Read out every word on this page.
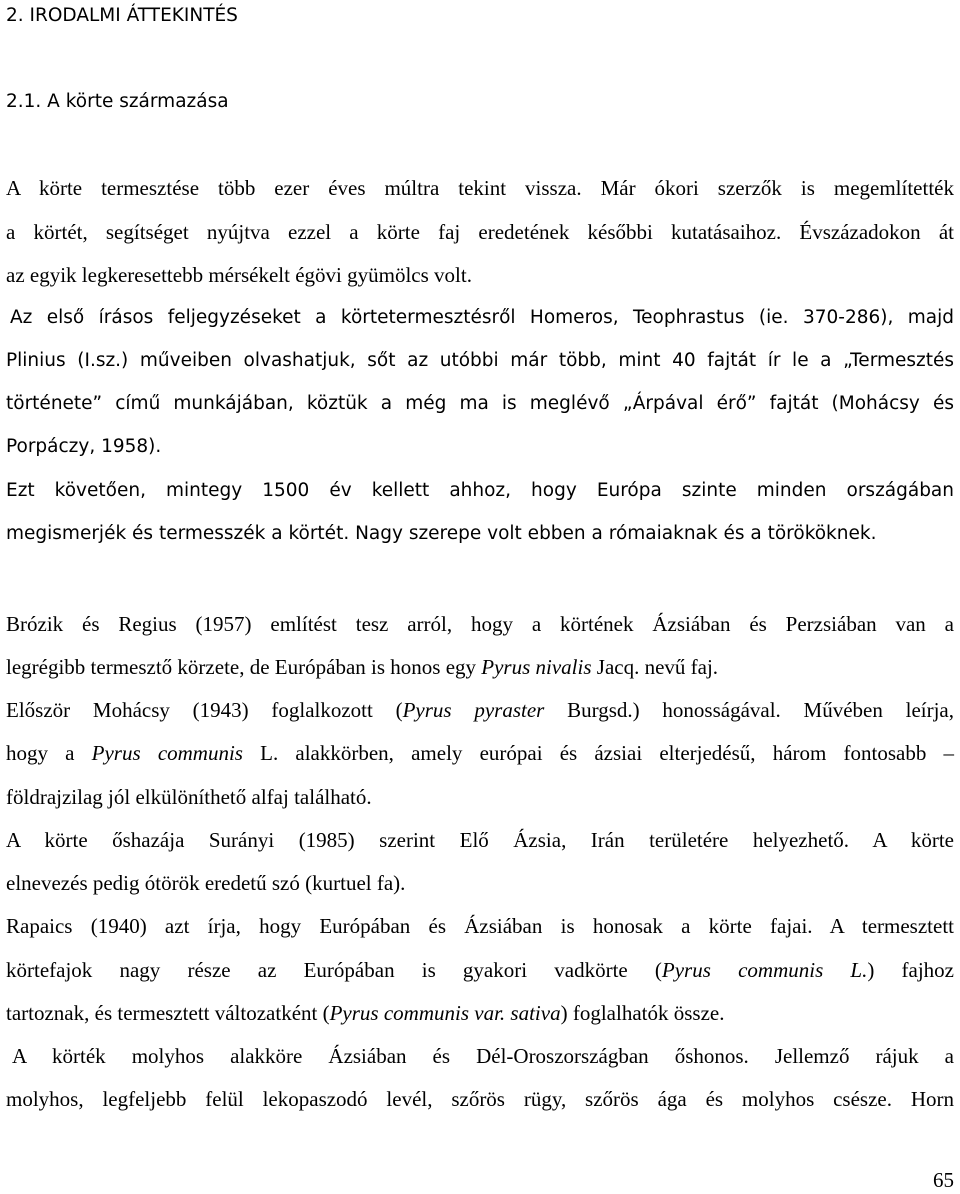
2. IRODALMI ÁTTEKINTÉS
2.1. A körte származása
A körte termesztése több ezer éves múltra tekint vissza. Már ókori szerzők is megemlítették
a körtét, segítséget nyújtva ezzel a körte faj eredetének későbbi kutatásaihoz. Évszázadokon át
az egyik legkeresettebb mérsékelt égövi gyümölcs volt.
Az első írásos feljegyzéseket a körtetermesztésről Homeros, Teophrastus (ie. 370-286), majd
Plinius (I.sz.) műveiben olvashatjuk, sőt az utóbbi már több, mint 40 fajtát ír le a „Termesztés
története” című munkájában, köztük a még ma is meglévő „Árpával érő” fajtát (Mohácsy és
Porpáczy, 1958).
Ezt követően, mintegy 1500 év kellett ahhoz, hogy Európa szinte minden országában
megismerjék és termesszék a körtét. Nagy szerepe volt ebben a rómaiaknak és a törököknek.
Brózik és Regius (1957) említést tesz arról, hogy a körtének Ázsiában és Perzsiában van a
legrégibb termesztő körzete, de Európában is honos egy Pyrus nivalis Jacq. nevű faj.
Először Mohácsy (1943) foglalkozott (Pyrus pyraster Burgsd.) honosságával. Művében leírja,
hogy a Pyrus communis L. alakkörben, amely európai és ázsiai elterjedésű, három fontosabb –
földrajzilag jól elkülöníthető alfaj található.
A körte őshazája Surányi (1985) szerint Elő Ázsia, Irán területére helyezhető. A körte
elnevezés pedig ótörök eredetű szó (kurtuel fa).
Rapaics (1940) azt írja, hogy Európában és Ázsiában is honosak a körte fajai. A termesztett
körtefajok nagy része az Európában is gyakori vadkörte (Pyrus communis L.) fajhoz
tartoznak, és termesztett változatként (Pyrus communis var. sativa) foglalhatók össze.
A körték molyhos alakköre Ázsiában és Dél-Oroszországban őshonos. Jellemző rájuk a
molyhos, legfeljebb felül lekopaszodó levél, szőrös rügy, szőrös ága és molyhos csésze. Horn
65
